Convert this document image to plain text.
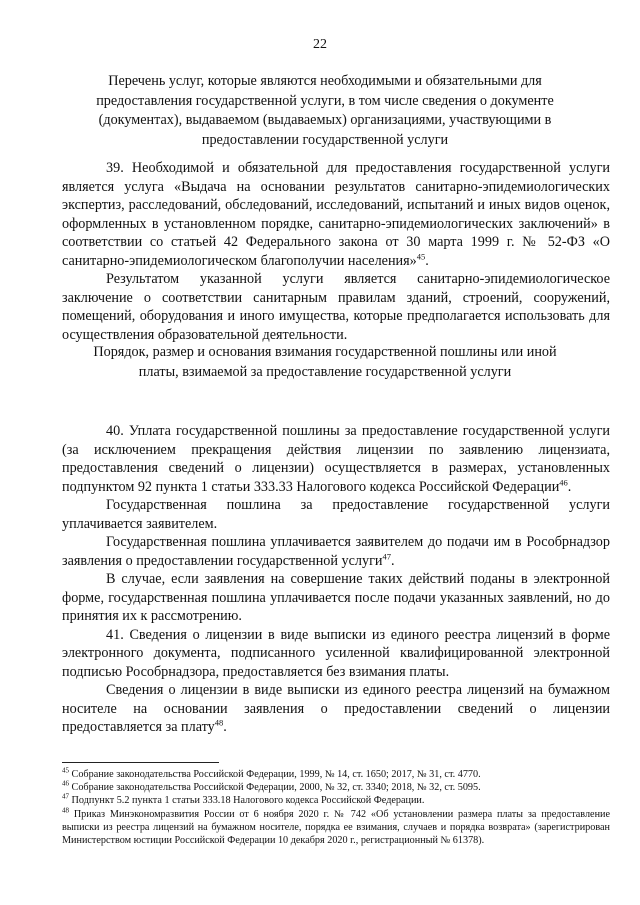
22
Перечень услуг, которые являются необходимыми и обязательными для предоставления государственной услуги, в том числе сведения о документе (документах), выдаваемом (выдаваемых) организациями, участвующими в предоставлении государственной услуги

39. Необходимой и обязательной для предоставления государственной услуги является услуга «Выдача на основании результатов санитарно-эпидемиологических экспертиз, расследований, обследований, исследований, испытаний и иных видов оценок, оформленных в установленном порядке, санитарно-эпидемиологических заключений» в соответствии со статьей 42 Федерального закона от 30 марта 1999 г. № 52-ФЗ «О санитарно-эпидемиологическом благополучии населения»$^{45}$.

Результатом указанной услуги является санитарно-эпидемиологическое заключение о соответствии санитарным правилам зданий, строений, сооружений, помещений, оборудования и иного имущества, которые предполагается использовать для осуществления образовательной деятельности.

Порядок, размер и основания взимания государственной пошлины или иной платы, взимаемой за предоставление государственной услуги

40. Уплата государственной пошлины за предоставление государственной услуги (за исключением прекращения действия лицензии по заявлению лицензиата, предоставления сведений о лицензии) осуществляется в размерах, установленных подпунктом 92 пункта 1 статьи 333.33 Налогового кодекса Российской Федерации$^{46}$.

Государственная пошлина за предоставление государственной услуги уплачивается заявителем.

Государственная пошлина уплачивается заявителем до подачи им в Рособрнадзор заявления о предоставлении государственной услуги$^{47}$.

В случае, если заявления на совершение таких действий поданы в электронной форме, государственная пошлина уплачивается после подачи указанных заявлений, но до принятия их к рассмотрению.

41. Сведения о лицензии в виде выписки из единого реестра лицензий в форме электронного документа, подписанного усиленной квалифицированной электронной подписью Рособрнадзора, предоставляется без взимания платы.

Сведения о лицензии в виде выписки из единого реестра лицензий на бумажном носителе на основании заявления о предоставлении сведений о лицензии предоставляется за плату$^{48}$.

$^{45}$ Собрание законодательства Российской Федерации, 1999, № 14, ст. 1650; 2017, № 31, ст. 4770.

$^{46}$ Собрание законодательства Российской Федерации, 2000, № 32, ст. 3340; 2018, № 32, ст. 5095.

$^{47}$ Подпункт 5.2 пункта 1 статьи 333.18 Налогового кодекса Российской Федерации.

$^{48}$ Приказ Минэкономразвития России от 6 ноября 2020 г. № 742 «Об установлении размера платы за предоставление выписки из реестра лицензий на бумажном носителе, порядка ее взимания, случаев и порядка возврата» (зарегистрирован Министерством юстиции Российской Федерации 10 декабря 2020 г., регистрационный № 61378).
